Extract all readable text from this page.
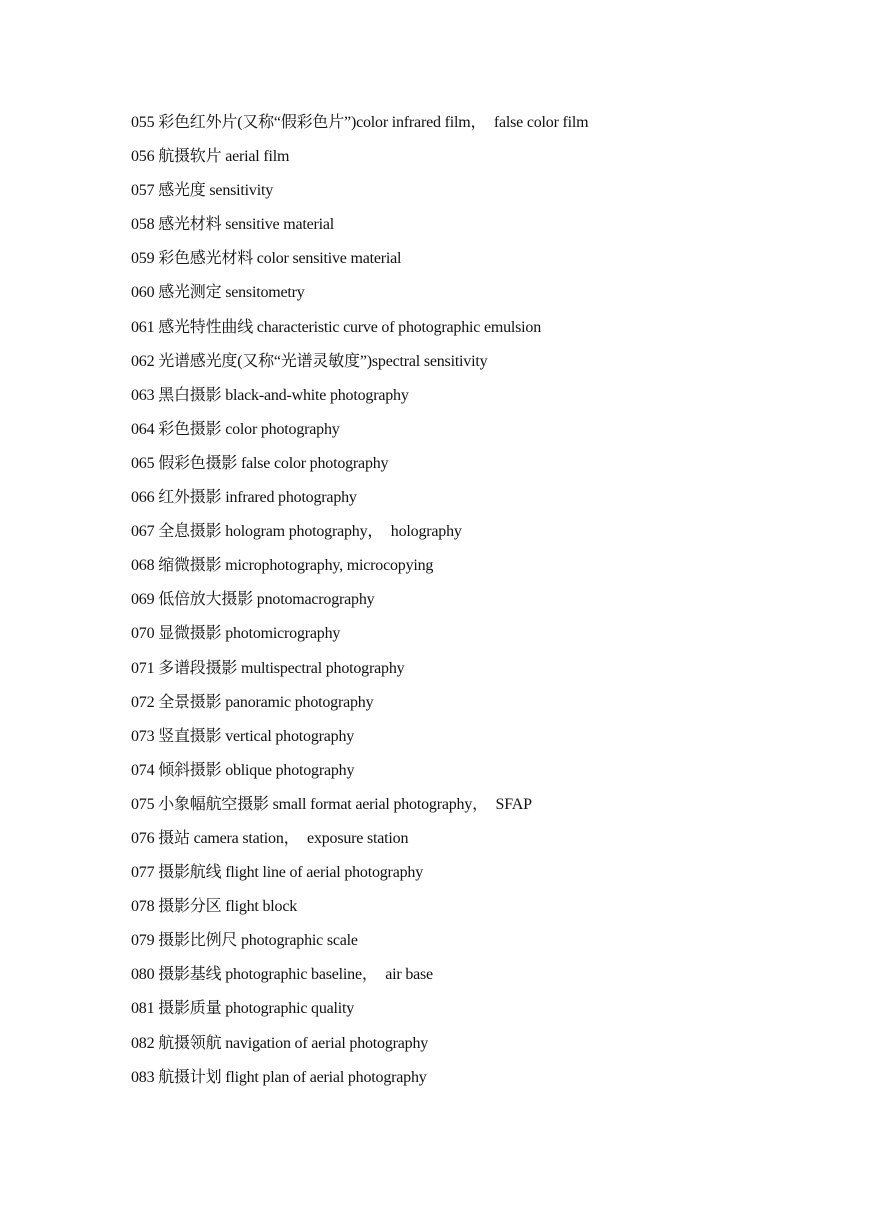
055 彩色红外片(又称“假彩色片”)color infrared film，  false color film
056 航摄软片 aerial film
057 感光度 sensitivity
058 感光材料 sensitive material
059 彩色感光材料 color sensitive material
060 感光测定 sensitometry
061 感光特性曲线 characteristic curve of photographic emulsion
062 光谱感光度(又称“光谱灵敏度”)spectral sensitivity
063 黑白摄影 black-and-white photography
064 彩色摄影 color photography
065 假彩色摄影 false color photography
066 红外摄影 infrared photography
067 全息摄影 hologram photography，  holography
068 缩微摄影 microphotography, microcopying
069 低倍放大摄影 pnotomacrography
070 显微摄影 photomicrography
071 多谱段摄影 multispectral photography
072 全景摄影 panoramic photography
073 竖直摄影 vertical photography
074 倾斜摄影 oblique photography
075 小象幅航空摄影 small format aerial photography，  SFAP
076 摄站 camera station，  exposure station
077 摄影航线 flight line of aerial photography
078 摄影分区 flight block
079 摄影比例尺 photographic scale
080 摄影基线 photographic baseline，  air base
081 摄影质量 photographic quality
082 航摄领航 navigation of aerial photography
083 航摄计划 flight plan of aerial photography
